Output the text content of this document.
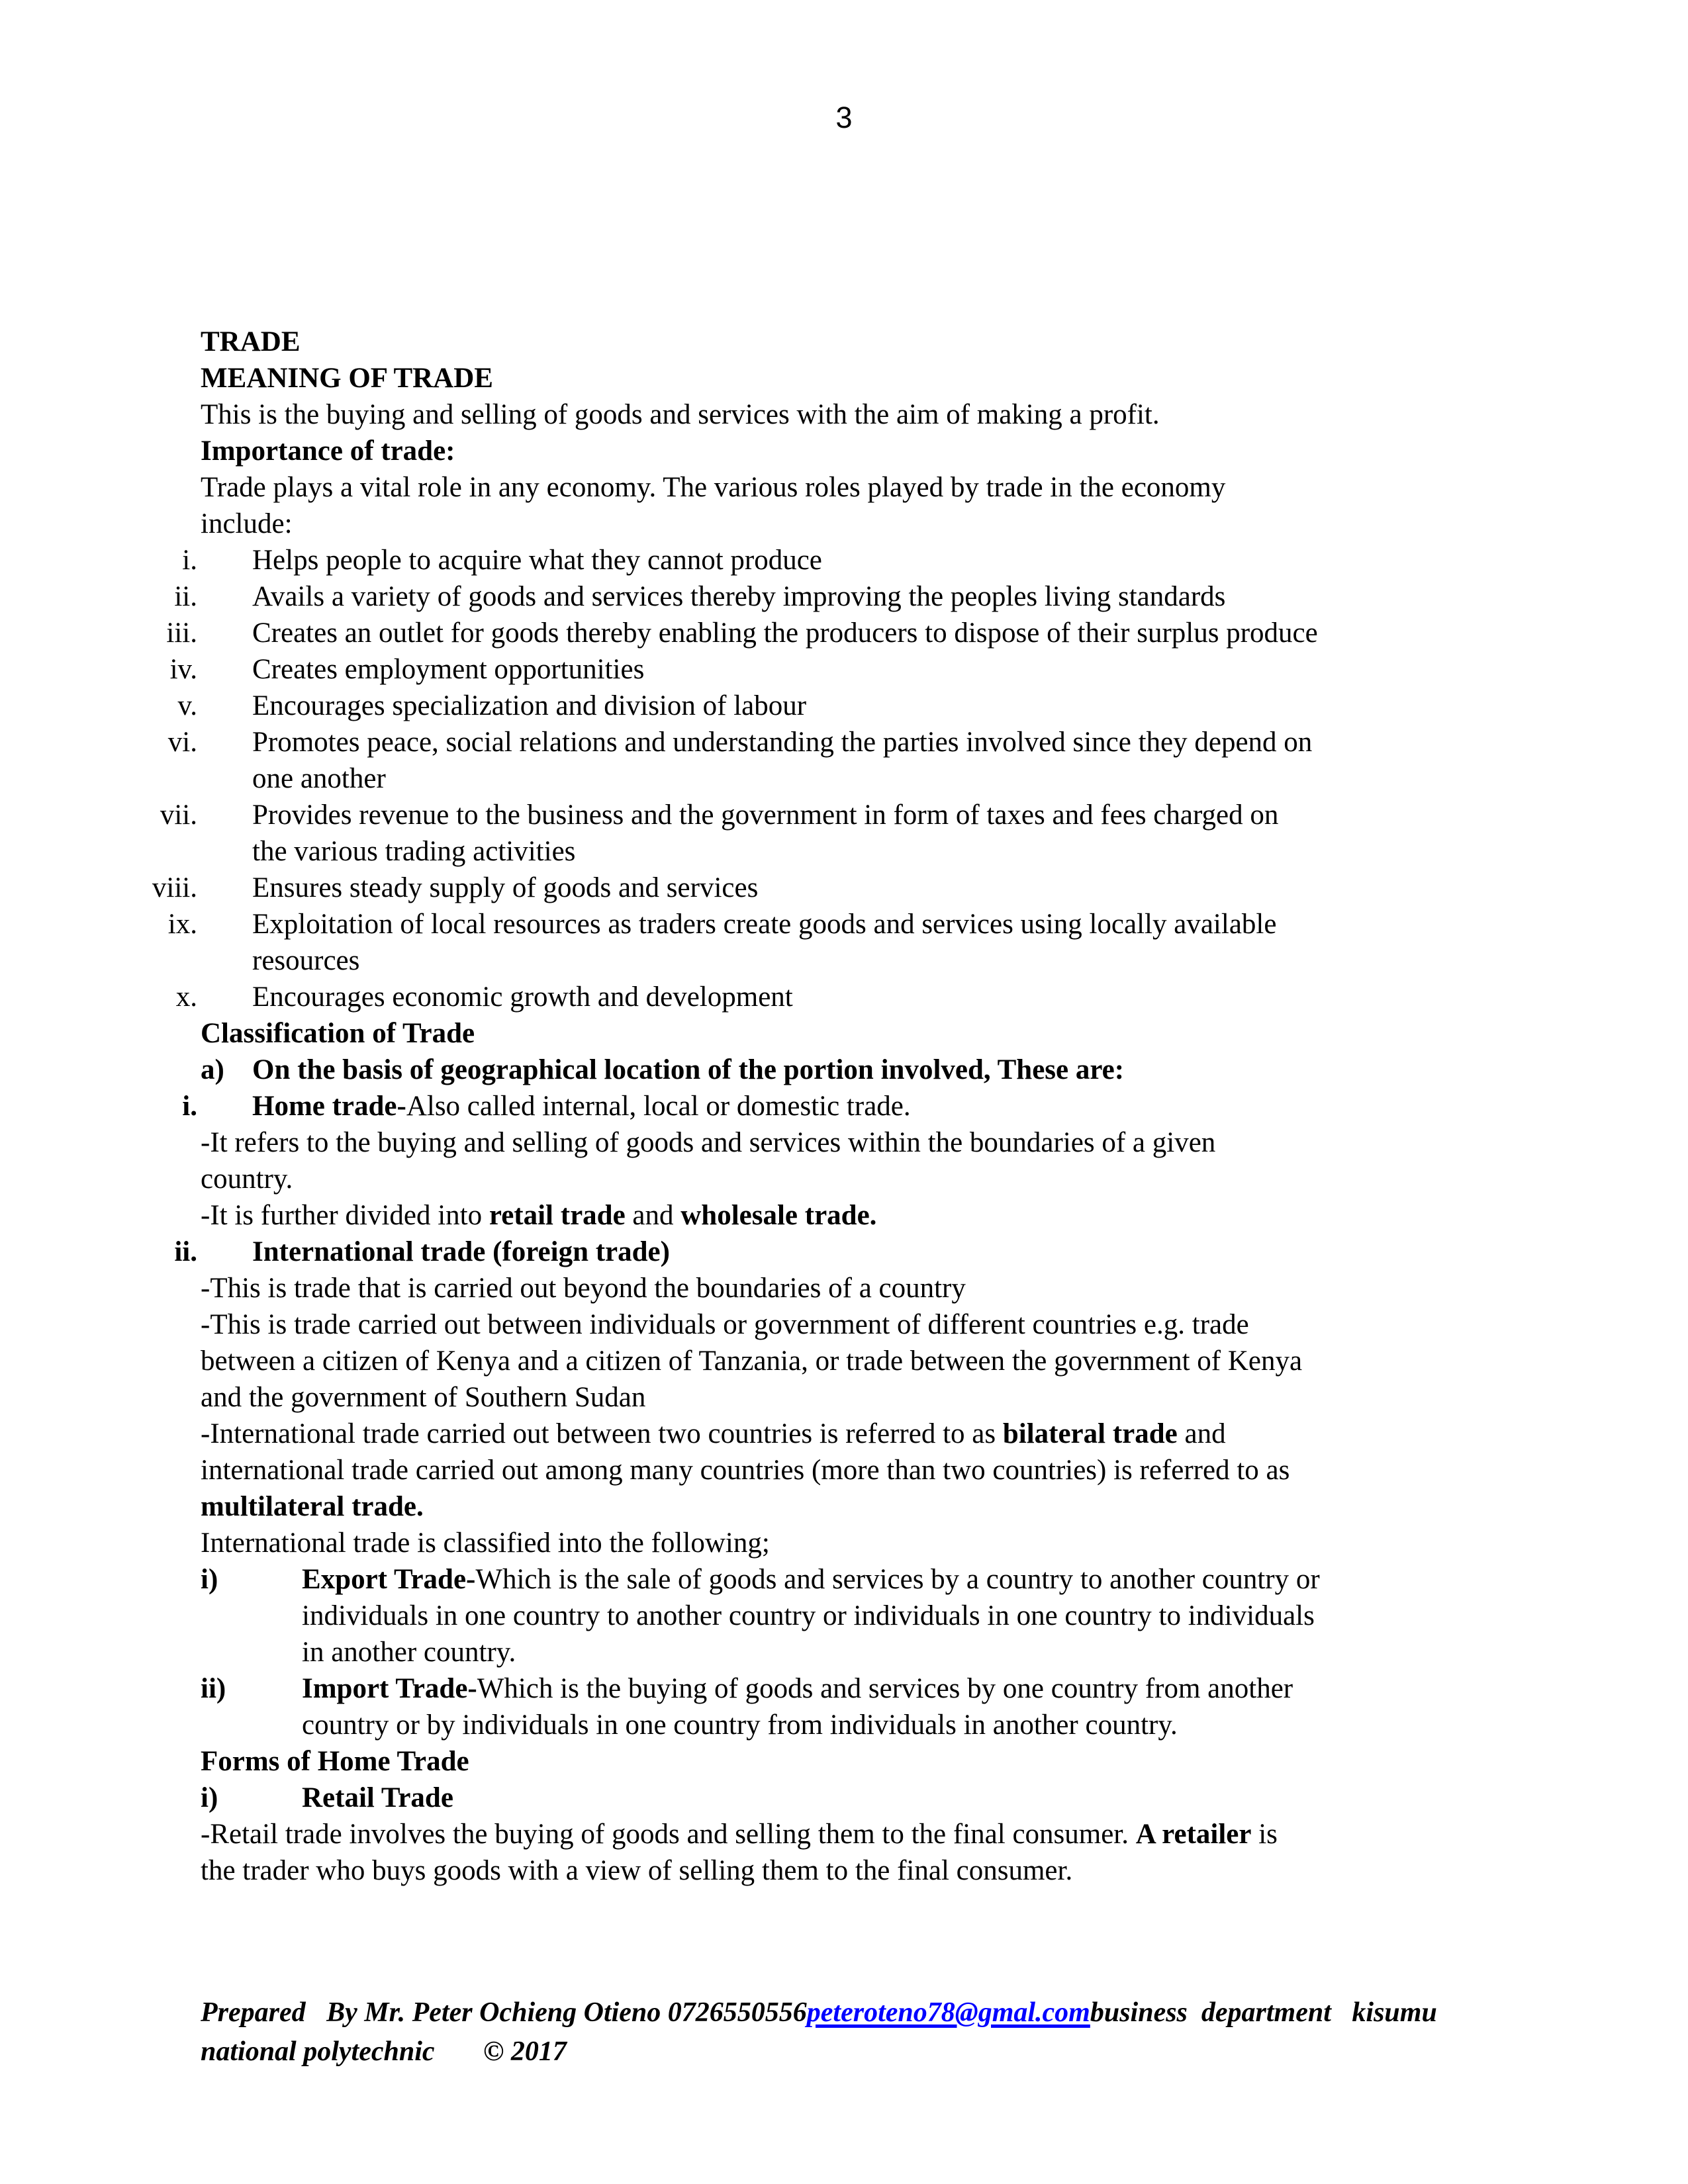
3
TRADE
MEANING OF TRADE
This is the buying and selling of goods and services with the aim of making a profit.
Importance of trade:
Trade plays a vital role in any economy. The various roles played by trade in the economy
include:
i. Helps people to acquire what they cannot produce
ii. Avails a variety of goods and services thereby improving the peoples living standards
iii. Creates an outlet for goods thereby enabling the producers to dispose of their surplus produce
iv. Creates employment opportunities
v. Encourages specialization and division of labour
vi. Promotes peace, social relations and understanding the parties involved since they depend on
one another
vii. Provides revenue to the business and the government in form of taxes and fees charged on
the various trading activities
viii. Ensures steady supply of goods and services
ix. Exploitation of local resources as traders create goods and services using locally available
resources
x. Encourages economic growth and development
Classification of Trade
a) On the basis of geographical location of the portion involved, These are:
i. Home trade-Also called internal, local or domestic trade.
-It refers to the buying and selling of goods and services within the boundaries of a given
country.
-It is further divided into retail trade and wholesale trade.
ii. International trade (foreign trade)
-This is trade that is carried out beyond the boundaries of a country
-This is trade carried out between individuals or government of different countries e.g. trade
between a citizen of Kenya and a citizen of Tanzania, or trade between the government of Kenya
and the government of Southern Sudan
-International trade carried out between two countries is referred to as bilateral trade and
international trade carried out among many countries (more than two countries) is referred to as
multilateral trade.
International trade is classified into the following;
i)	Export Trade-Which is the sale of goods and services by a country to another country or
individuals in one country to another country or individuals in one country to individuals
in another country.
ii)	Import Trade-Which is the buying of goods and services by one country from another
country or by individuals in one country from individuals in another country.
Forms of Home Trade
i)	Retail Trade
-Retail trade involves the buying of goods and selling them to the final consumer. A retailer is
the trader who buys goods with a view of selling them to the final consumer.
Prepared   By Mr. Peter Ochieng Otieno 0726550556peteroteno78@gmal.combusiness  department   kisumu
national polytechnic       © 2017
